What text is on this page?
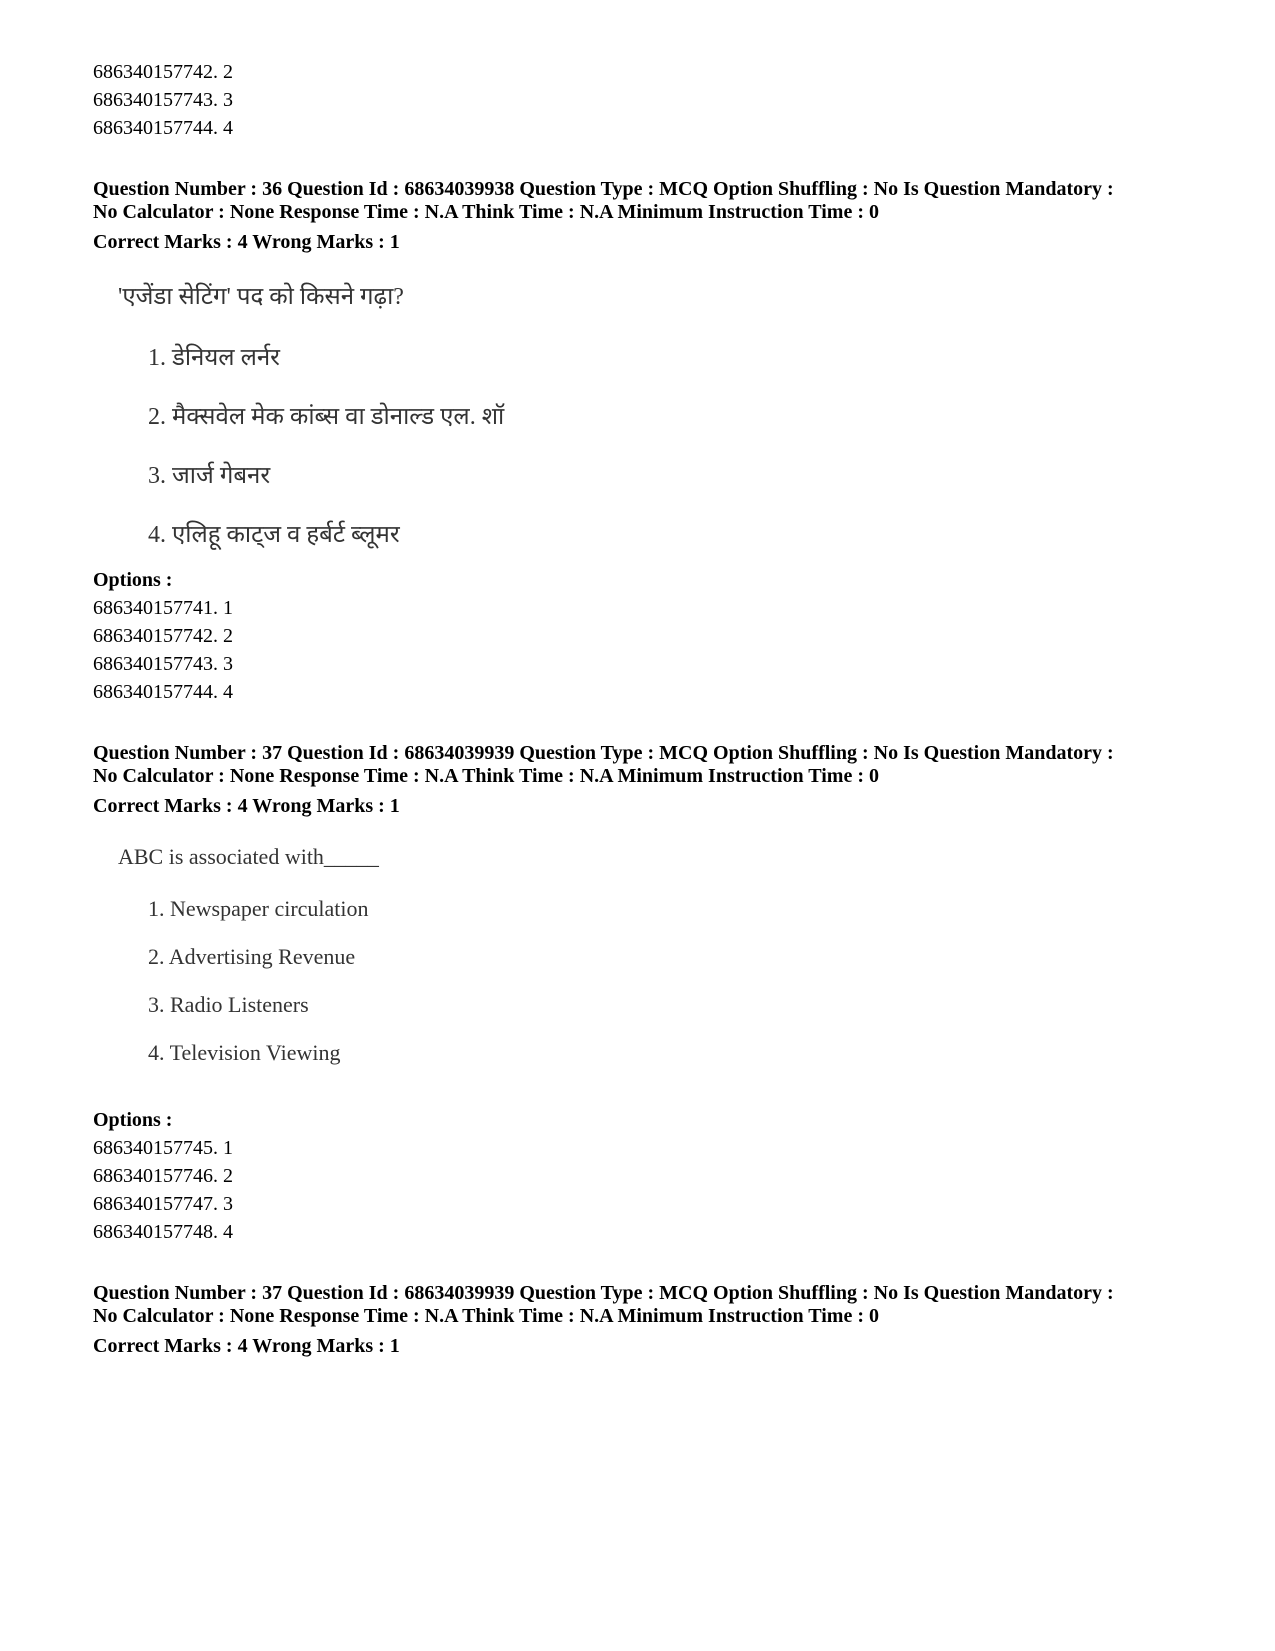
686340157742. 2
686340157743. 3
686340157744. 4
Question Number : 36 Question Id : 68634039938 Question Type : MCQ Option Shuffling : No Is Question Mandatory :
No Calculator : None Response Time : N.A Think Time : N.A Minimum Instruction Time : 0
Correct Marks : 4 Wrong Marks : 1
'एजेंडा सेटिंग' पद को किसने गढ़ा?
1. डेनियल लर्नर
2. मैक्सवेल मेक कांब्स वा डोनाल्ड एल. शॉ
3. जार्ज गेबनर
4. एलिहू काट्ज व हर्बर्ट ब्लूमर
Options :
686340157741. 1
686340157742. 2
686340157743. 3
686340157744. 4
Question Number : 37 Question Id : 68634039939 Question Type : MCQ Option Shuffling : No Is Question Mandatory :
No Calculator : None Response Time : N.A Think Time : N.A Minimum Instruction Time : 0
Correct Marks : 4 Wrong Marks : 1
ABC is associated with_____
1. Newspaper circulation
2. Advertising Revenue
3. Radio Listeners
4. Television Viewing
Options :
686340157745. 1
686340157746. 2
686340157747. 3
686340157748. 4
Question Number : 37 Question Id : 68634039939 Question Type : MCQ Option Shuffling : No Is Question Mandatory :
No Calculator : None Response Time : N.A Think Time : N.A Minimum Instruction Time : 0
Correct Marks : 4 Wrong Marks : 1
